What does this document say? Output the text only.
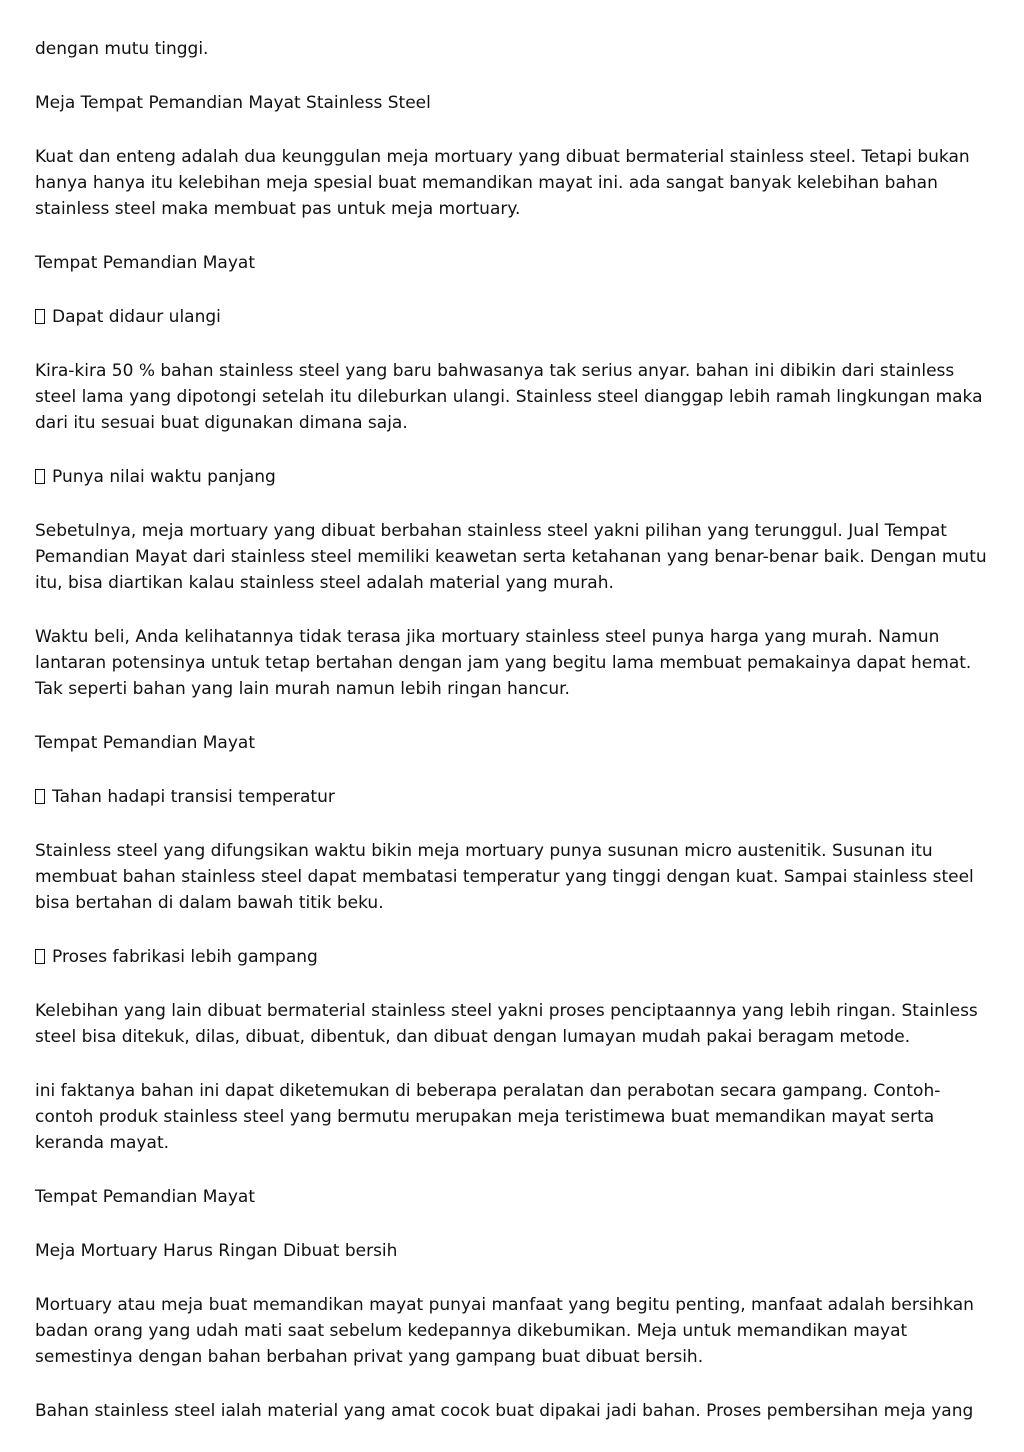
dengan mutu tinggi.

Meja Tempat Pemandian Mayat Stainless Steel

Kuat dan enteng adalah dua keunggulan meja mortuary yang dibuat bermaterial stainless steel. Tetapi bukan hanya hanya itu kelebihan meja spesial buat memandikan mayat ini. ada sangat banyak kelebihan bahan stainless steel maka membuat pas untuk meja mortuary.

Tempat Pemandian Mayat

Dapat didaur ulangi

Kira-kira 50 % bahan stainless steel yang baru bahwasanya tak serius anyar. bahan ini dibikin dari stainless steel lama yang dipotongi setelah itu dileburkan ulangi. Stainless steel dianggap lebih ramah lingkungan maka dari itu sesuai buat digunakan dimana saja.

Punya nilai waktu panjang

Sebetulnya, meja mortuary yang dibuat berbahan stainless steel yakni pilihan yang terunggul. Jual Tempat Pemandian Mayat dari stainless steel memiliki keawetan serta ketahanan yang benar-benar baik. Dengan mutu itu, bisa diartikan kalau stainless steel adalah material yang murah.

Waktu beli, Anda kelihatannya tidak terasa jika mortuary stainless steel punya harga yang murah. Namun lantaran potensinya untuk tetap bertahan dengan jam yang begitu lama membuat pemakainya dapat hemat. Tak seperti bahan yang lain murah namun lebih ringan hancur.

Tempat Pemandian Mayat

Tahan hadapi transisi temperatur

Stainless steel yang difungsikan waktu bikin meja mortuary punya susunan micro austenitik. Susunan itu membuat bahan stainless steel dapat membatasi temperatur yang tinggi dengan kuat. Sampai stainless steel bisa bertahan di dalam bawah titik beku.

Proses fabrikasi lebih gampang

Kelebihan yang lain dibuat bermaterial stainless steel yakni proses penciptaannya yang lebih ringan. Stainless steel bisa ditekuk, dilas, dibuat, dibentuk, dan dibuat dengan lumayan mudah pakai beragam metode.

ini faktanya bahan ini dapat diketemukan di beberapa peralatan dan perabotan secara gampang. Contoh-contoh produk stainless steel yang bermutu merupakan meja teristimewa buat memandikan mayat serta keranda mayat.

Tempat Pemandian Mayat

Meja Mortuary Harus Ringan Dibuat bersih

Mortuary atau meja buat memandikan mayat punyai manfaat yang begitu penting, manfaat adalah bersihkan badan orang yang udah mati saat sebelum kedepannya dikebumikan. Meja untuk memandikan mayat semestinya dengan bahan berbahan privat yang gampang buat dibuat bersih.

Bahan stainless steel ialah material yang amat cocok buat dipakai jadi bahan. Proses pembersihan meja yang
